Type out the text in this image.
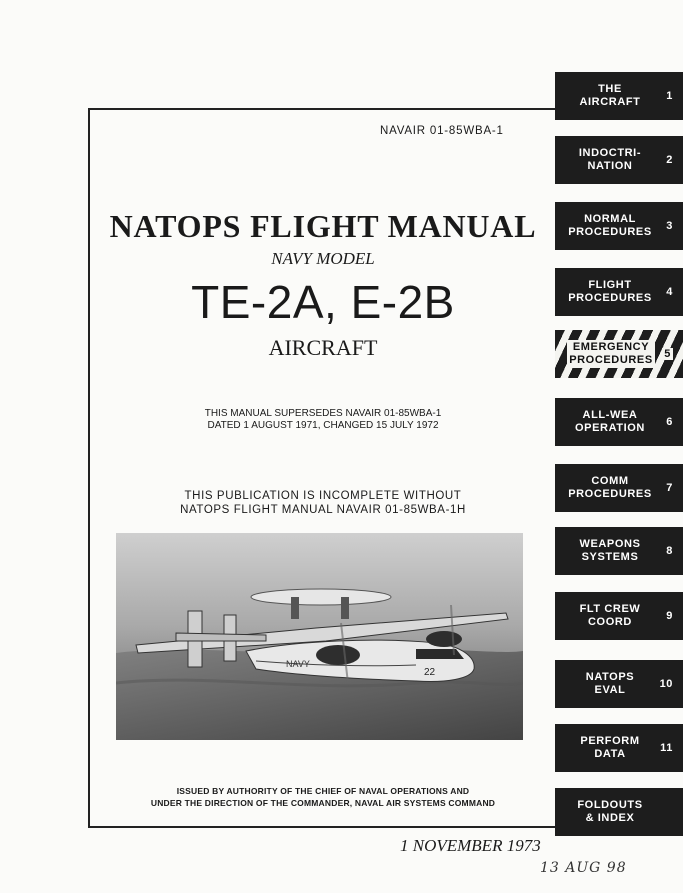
NAVAIR 01-85WBA-1
NATOPS FLIGHT MANUAL
NAVY MODEL
TE-2A, E-2B
AIRCRAFT
THIS MANUAL SUPERSEDES NAVAIR 01-85WBA-1
DATED 1 AUGUST 1971, CHANGED 15 JULY 1972
THIS PUBLICATION IS INCOMPLETE WITHOUT
NATOPS FLIGHT MANUAL NAVAIR 01-85WBA-1H
NAVY
22
ISSUED BY AUTHORITY OF THE CHIEF OF NAVAL OPERATIONS AND
UNDER THE DIRECTION OF THE COMMANDER, NAVAL AIR SYSTEMS COMMAND
1 NOVEMBER 1973
13 AUG 98
THE
AIRCRAFT	1
INDOCTRI-
NATION	2
NORMAL
PROCEDURES	3
FLIGHT
PROCEDURES	4
EMERGENCY
PROCEDURES 5
ALL-WEA
OPERATION	6
COMM
PROCEDURES	7
WEAPONS
SYSTEMS	8
FLT CREW
COORD	9
NATOPS
EVAL	10
PERFORM
DATA	11
FOLDOUTS
& INDEX
